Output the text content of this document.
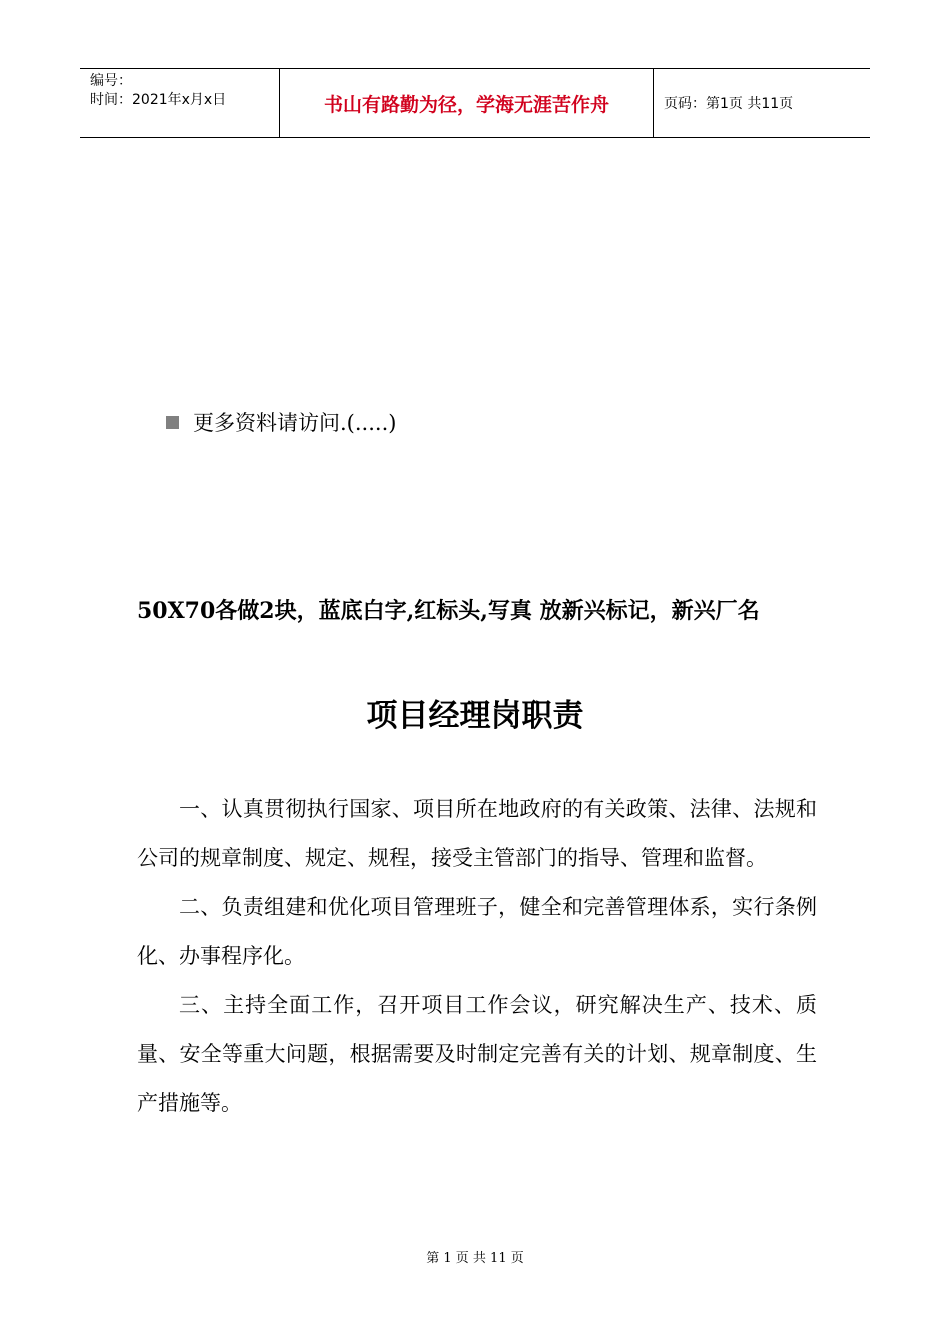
编号：
时间：2021年x月x日	书山有路勤为径，学海无涯苦作舟	页码：第1页 共11页
更多资料请访问.(.....)
50X70各做2块，蓝底白字,红标头,写真 放新兴标记，新兴厂名
项目经理岗职责

一、认真贯彻执行国家、项目所在地政府的有关政策、法律、法规和公司的规章制度、规定、规程，接受主管部门的指导、管理和监督。

二、负责组建和优化项目管理班子，健全和完善管理体系，实行条例化、办事程序化。

三、主持全面工作，召开项目工作会议，研究解决生产、技术、质量、安全等重大问题，根据需要及时制定完善有关的计划、规章制度、生产措施等。

第 1 页 共 11 页
